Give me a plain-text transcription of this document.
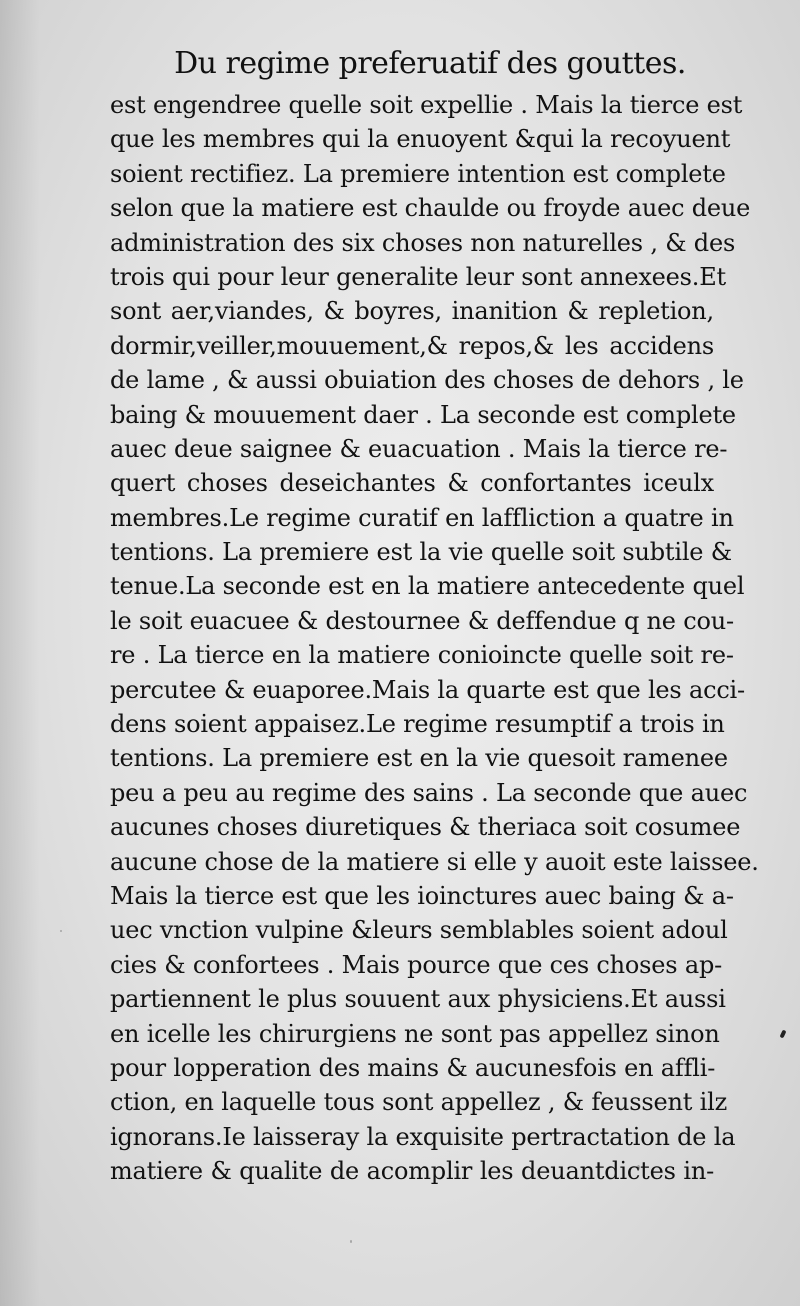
Du regime preferuatif des gouttes.
est engendree quelle soit expellie . Mais la tierce est
que les membres qui la enuoyent &qui la recoyuent
soient rectifiez. La premiere intention est complete
selon que la matiere est chaulde ou froyde auec deue
administration des six choses non naturelles , & des
trois qui pour leur generalite leur sont annexees.Et
sont aer,viandes, & boyres, inanition & repletion,
dormir,veiller,mouuement,& repos,& les accidens
de lame , & aussi obuiation des choses de dehors , le
baing & mouuement daer . La seconde est complete
auec deue saignee & euacuation . Mais la tierce re-
quert choses deseichantes & confortantes iceulx
membres.Le regime curatif en laffliction a quatre in
tentions. La premiere est la vie quelle soit subtile &
tenue.La seconde est en la matiere antecedente quel
le soit euacuee & destournee & deffendue q ne cou-
re . La tierce en la matiere conioincte quelle soit re-
percutee & euaporee.Mais la quarte est que les acci-
dens soient appaisez.Le regime resumptif a trois in
tentions. La premiere est en la vie quesoit ramenee
peu a peu au regime des sains . La seconde que auec
aucunes choses diuretiques & theriaca soit cosumee
aucune chose de la matiere si elle y auoit este laissee.
Mais la tierce est que les ioinctures auec baing & a-
uec vnction vulpine &leurs semblables soient adoul
cies & confortees . Mais pource que ces choses ap-
partiennent le plus souuent aux physiciens.Et aussi
en icelle les chirurgiens ne sont pas appellez sinon
pour lopperation des mains & aucunesfois en affli-
ction, en laquelle tous sont appellez , & feussent ilz
ignorans.Ie laisseray la exquisite pertractation de la
matiere & qualite de acomplir les deuantdictes in-
